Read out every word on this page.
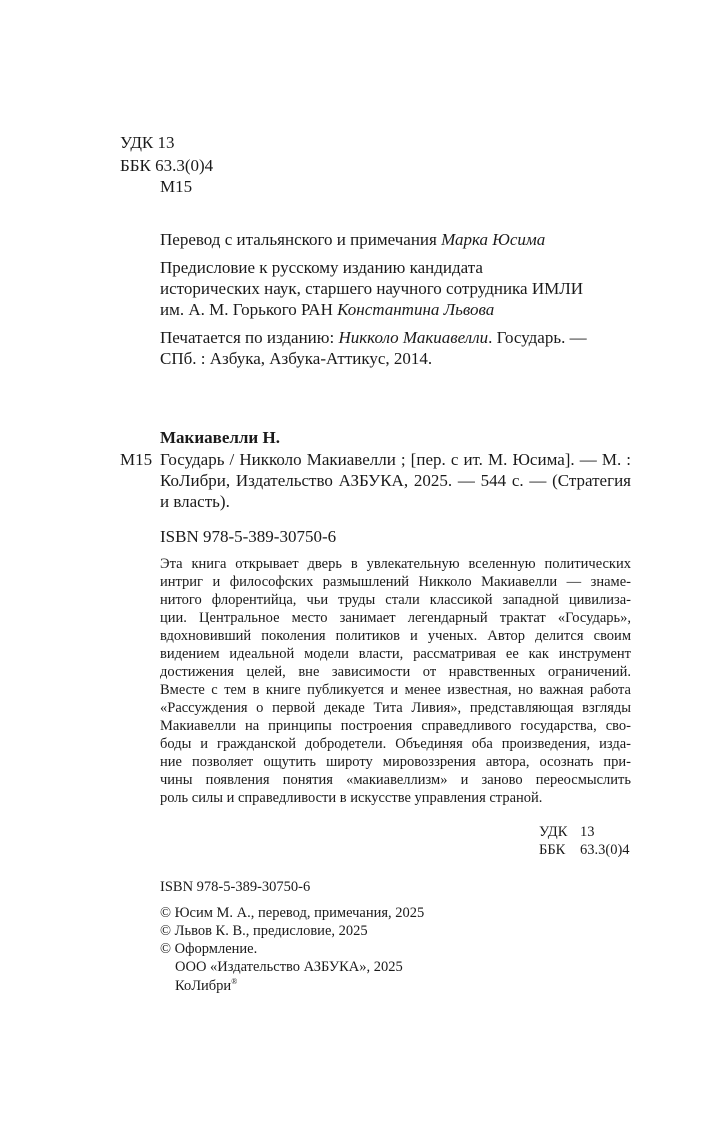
УДК 13
ББК 63.3(0)4
М15
Перевод с итальянского и примечания Марка Юсима
Предисловие к русскому изданию кандидата
исторических наук, старшего научного сотрудника ИМЛИ
им. А. М. Горького РАН Константина Львова
Печатается по изданию: Никколо Макиавелли. Государь. —
СПб. : Азбука, Азбука-Аттикус, 2014.
Макиавелли Н.
М15 Государь / Никколо Макиавелли ; [пер. с ит. М. Юсима]. — М. :
КоЛибри, Издательство АЗБУКА, 2025. — 544 с. — (Стратегия
и власть).
ISBN 978-5-389-30750-6
Эта книга открывает дверь в увлекательную вселенную политических
интриг и философских размышлений Никколо Макиавелли — знаме-
нитого флорентийца, чьи труды стали классикой западной цивилиза-
ции. Центральное место занимает легендарный трактат «Государь»,
вдохновивший поколения политиков и ученых. Автор делится своим
видением идеальной модели власти, рассматривая ее как инструмент
достижения целей, вне зависимости от нравственных ограничений.
Вместе с тем в книге публикуется и менее известная, но важная работа
«Рассуждения о первой декаде Тита Ливия», представляющая взгляды
Макиавелли на принципы построения справедливого государства, сво-
боды и гражданской добродетели. Объединяя оба произведения, изда-
ние позволяет ощутить широту мировоззрения автора, осознать при-
чины появления понятия «макиавеллизм» и заново переосмыслить
роль силы и справедливости в искусстве управления страной.
УДК 13
ББК 63.3(0)4
ISBN 978-5-389-30750-6
© Юсим М. А., перевод, примечания, 2025
© Львов К. В., предисловие, 2025
© Оформление.
ООО «Издательство АЗБУКА», 2025
КоЛибри®
